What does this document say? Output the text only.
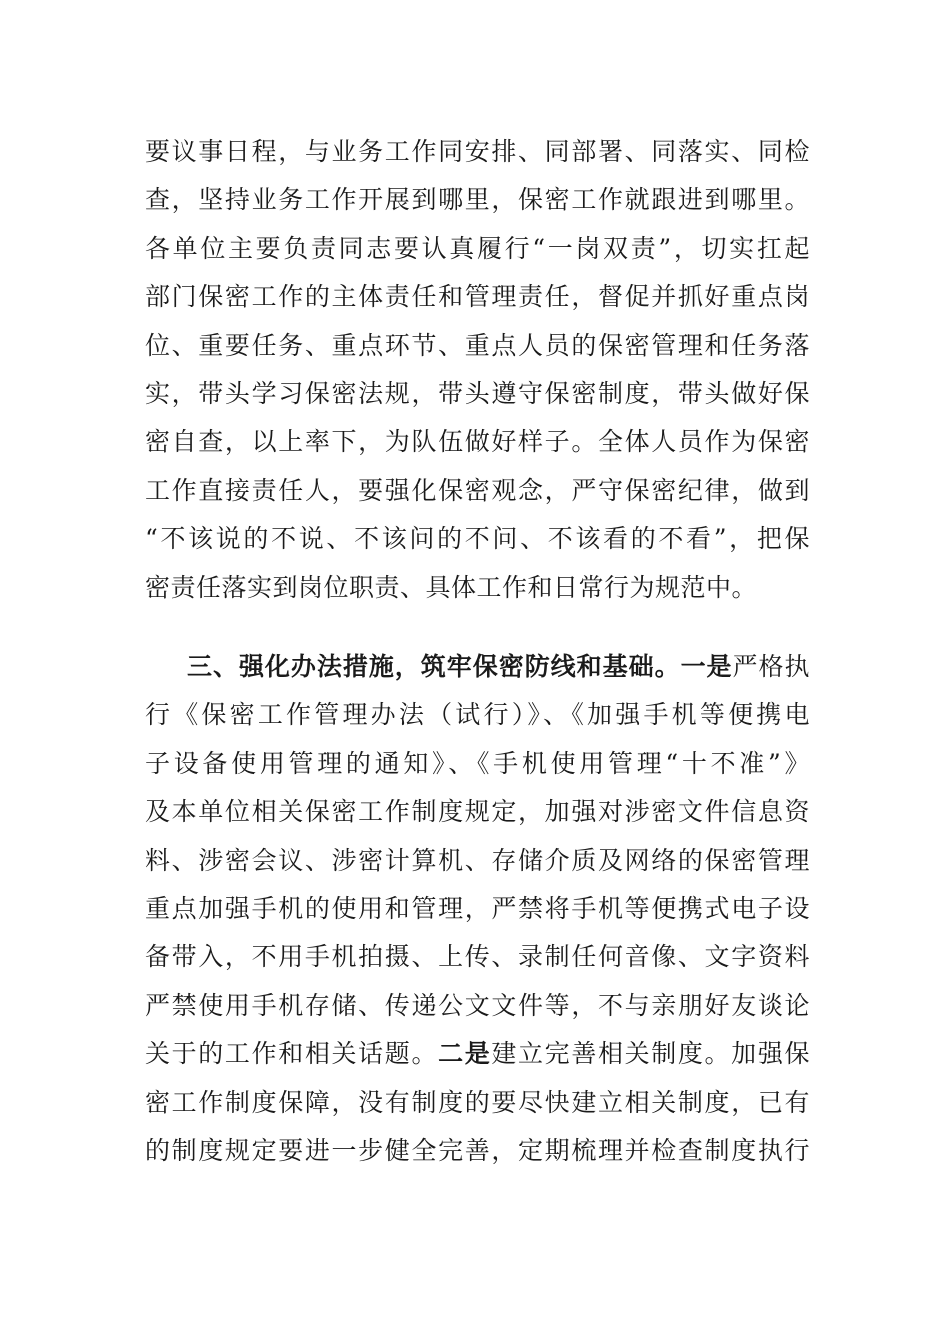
要议事日程，与业务工作同安排、同部署、同落实、同检
查，坚持业务工作开展到哪里，保密工作就跟进到哪里。
各单位主要负责同志要认真履行“一岗双责”，切实扛起
部门保密工作的主体责任和管理责任，督促并抓好重点岗
位、重要任务、重点环节、重点人员的保密管理和任务落
实，带头学习保密法规，带头遵守保密制度，带头做好保
密自查，以上率下，为队伍做好样子。全体人员作为保密
工作直接责任人，要强化保密观念，严守保密纪律，做到
“不该说的不说、不该问的不问、不该看的不看”，把保
密责任落实到岗位职责、具体工作和日常行为规范中。
三、强化办法措施，筑牢保密防线和基础。一是严格执
行《保密工作管理办法（试行）》、《加强手机等便携电
子设备使用管理的通知》、《手机使用管理“十不准”》
及本单位相关保密工作制度规定，加强对涉密文件信息资
料、涉密会议、涉密计算机、存储介质及网络的保密管理
重点加强手机的使用和管理，严禁将手机等便携式电子设
备带入，不用手机拍摄、上传、录制任何音像、文字资料
严禁使用手机存储、传递公文文件等，不与亲朋好友谈论
关于的工作和相关话题。二是建立完善相关制度。加强保
密工作制度保障，没有制度的要尽快建立相关制度，已有
的制度规定要进一步健全完善，定期梳理并检查制度执行
